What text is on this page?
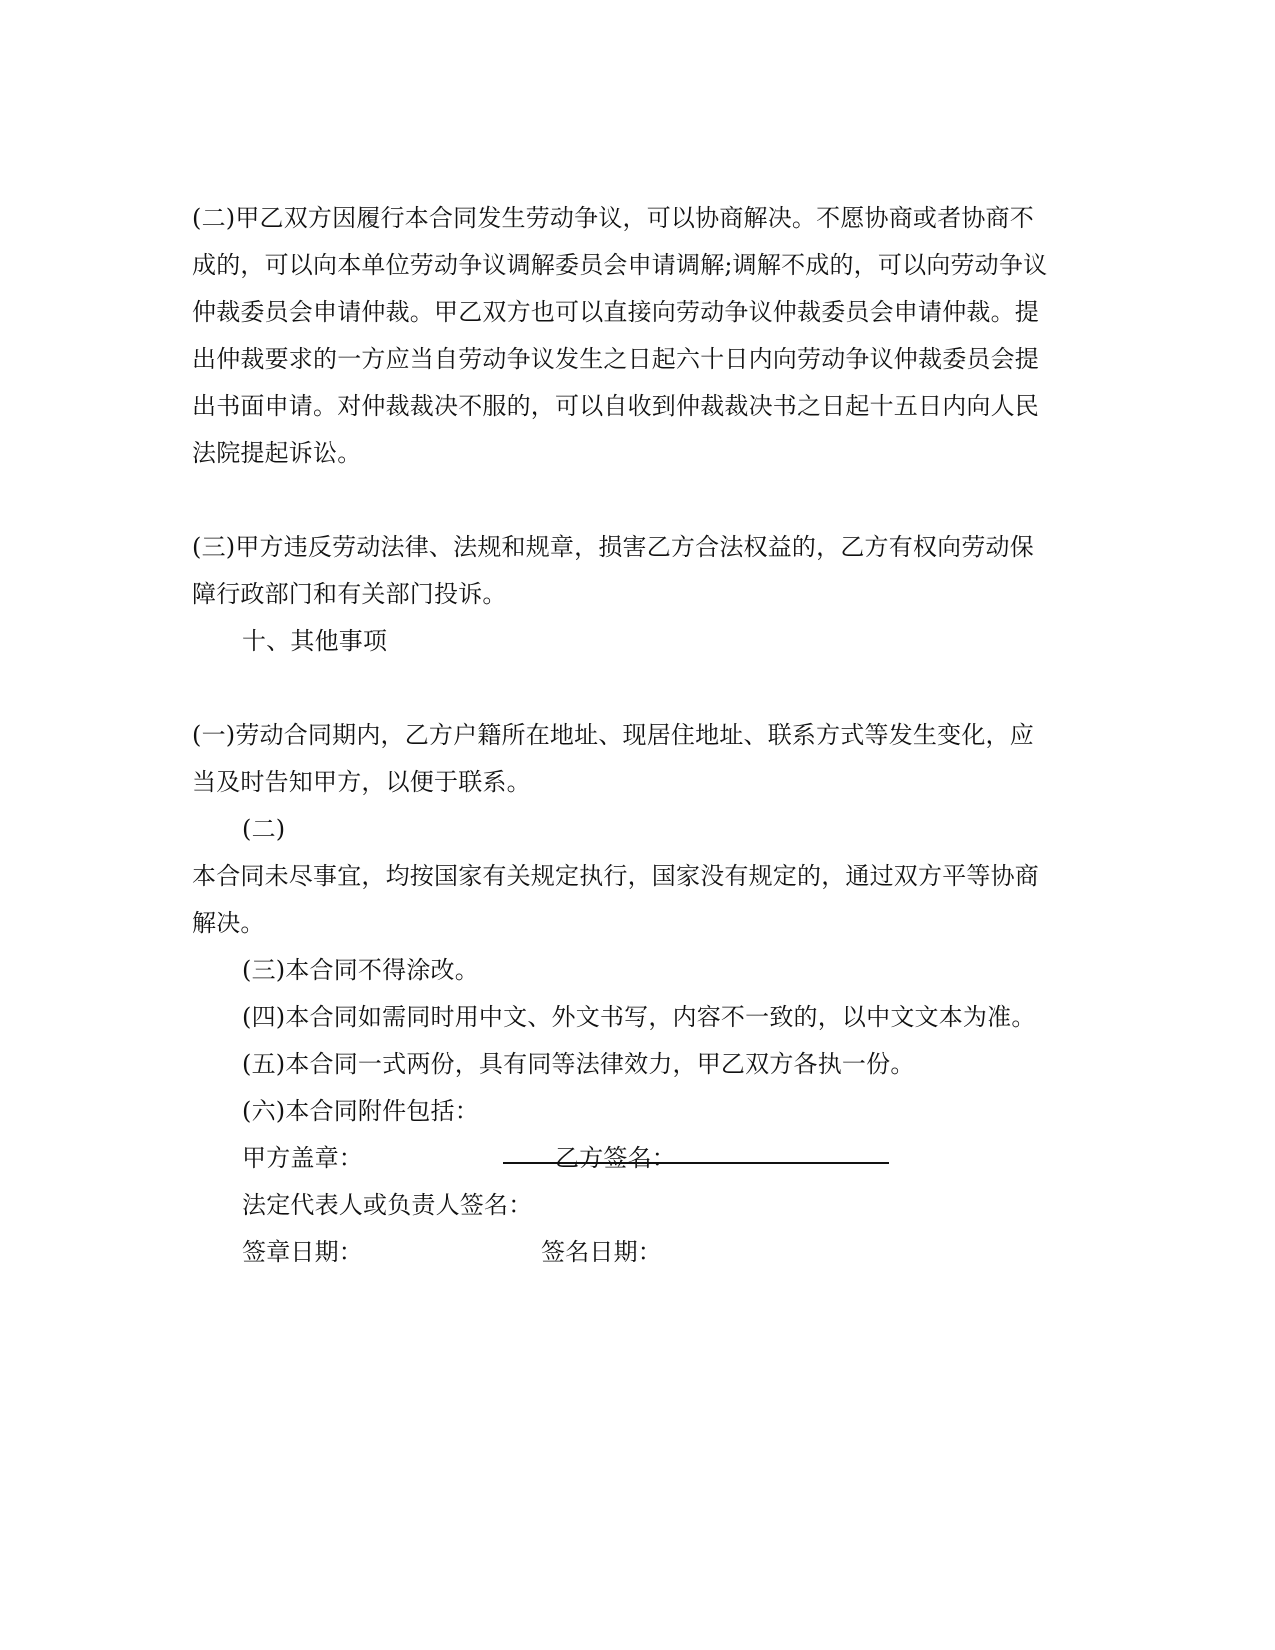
(二)甲乙双方因履行本合同发生劳动争议，可以协商解决。不愿协商或者协商不
成的，可以向本单位劳动争议调解委员会申请调解;调解不成的，可以向劳动争议
仲裁委员会申请仲裁。甲乙双方也可以直接向劳动争议仲裁委员会申请仲裁。提
出仲裁要求的一方应当自劳动争议发生之日起六十日内向劳动争议仲裁委员会提
出书面申请。对仲裁裁决不服的，可以自收到仲裁裁决书之日起十五日内向人民
法院提起诉讼。
(三)甲方违反劳动法律、法规和规章，损害乙方合法权益的，乙方有权向劳动保
障行政部门和有关部门投诉。
十、其他事项
(一)劳动合同期内，乙方户籍所在地址、现居住地址、联系方式等发生变化，应
当及时告知甲方，以便于联系。
(二)
本合同未尽事宜，均按国家有关规定执行，国家没有规定的，通过双方平等协商
解决。
(三)本合同不得涂改。
(四)本合同如需同时用中文、外文书写，内容不一致的，以中文文本为准。
(五)本合同一式两份，具有同等法律效力，甲乙双方各执一份。
(六)本合同附件包括：
甲方盖章：	乙方签名：
法定代表人或负责人签名：
签章日期：	签名日期：
